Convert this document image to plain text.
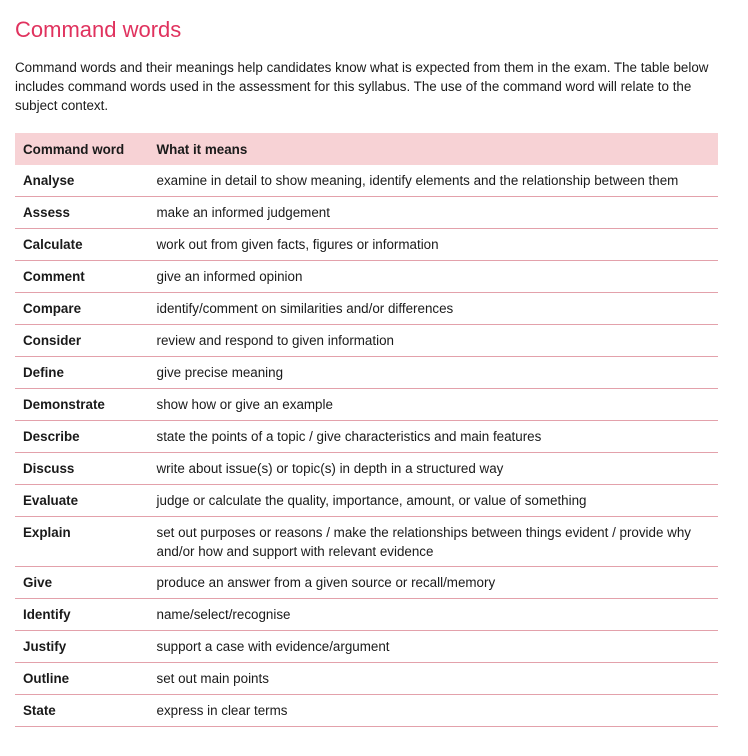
Command words

Command words and their meanings help candidates know what is expected from them in the exam. The table below includes command words used in the assessment for this syllabus. The use of the command word will relate to the subject context.

Command word	What it means
Analyse	examine in detail to show meaning, identify elements and the relationship between them
Assess	make an informed judgement
Calculate	work out from given facts, figures or information
Comment	give an informed opinion
Compare	identify/comment on similarities and/or differences
Consider	review and respond to given information
Define	give precise meaning
Demonstrate	show how or give an example
Describe	state the points of a topic / give characteristics and main features
Discuss	write about issue(s) or topic(s) in depth in a structured way
Evaluate	judge or calculate the quality, importance, amount, or value of something
Explain	set out purposes or reasons / make the relationships between things evident / provide why and/or how and support with relevant evidence
Give	produce an answer from a given source or recall/memory
Identify	name/select/recognise
Justify	support a case with evidence/argument
Outline	set out main points
State	express in clear terms
